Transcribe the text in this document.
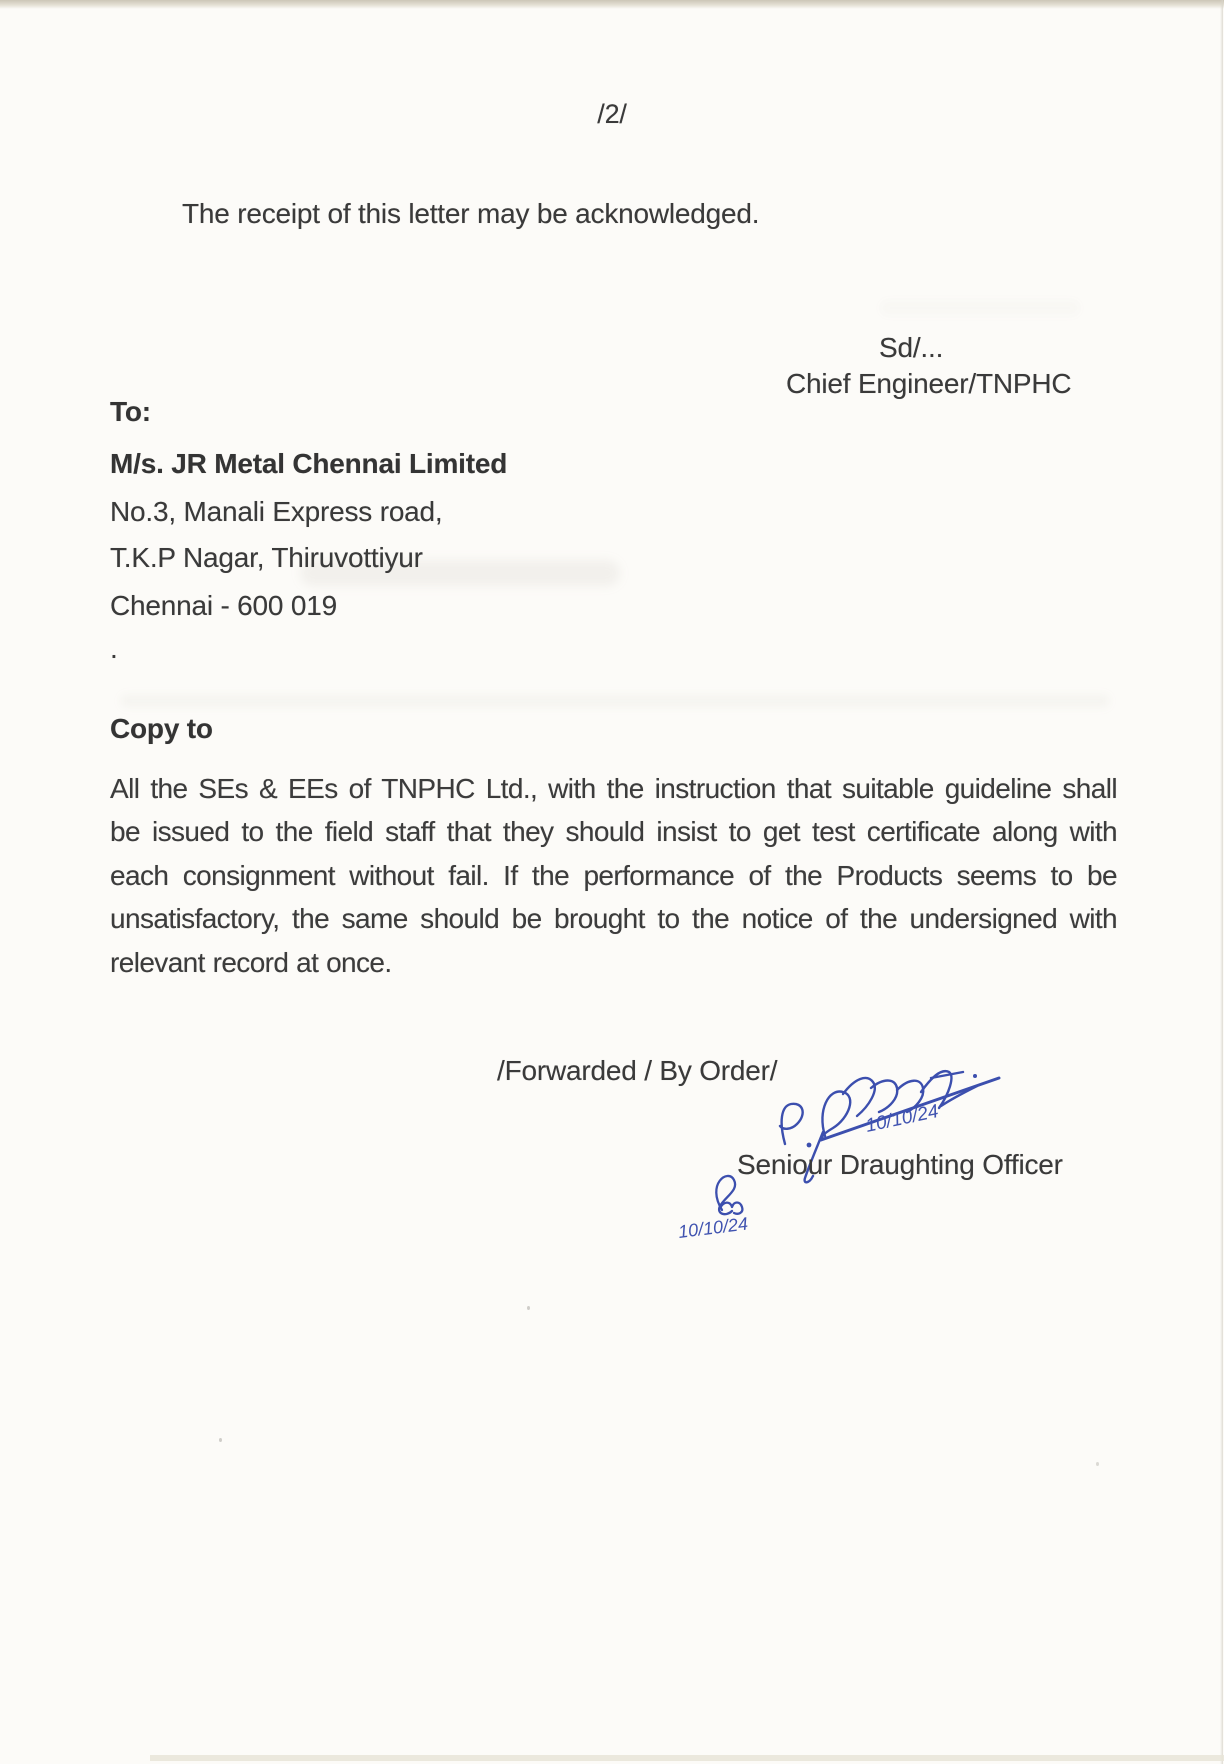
/2/
The receipt of this letter may be acknowledged.
Sd/...
Chief Engineer/TNPHC
To:
M/s. JR Metal Chennai Limited
No.3, Manali Express road,
T.K.P Nagar, Thiruvottiyur
Chennai - 600 019
.
Copy to
All the SEs & EEs of TNPHC Ltd., with the instruction that suitable guideline shall
be issued to the field staff that they should insist to get test certificate along with
each consignment without fail. If the performance of the Products seems to be
unsatisfactory, the same should be brought to the notice of the undersigned with
relevant record at once.
/Forwarded / By Order/
10/10/24
Seniour Draughting Officer
10/10/24
